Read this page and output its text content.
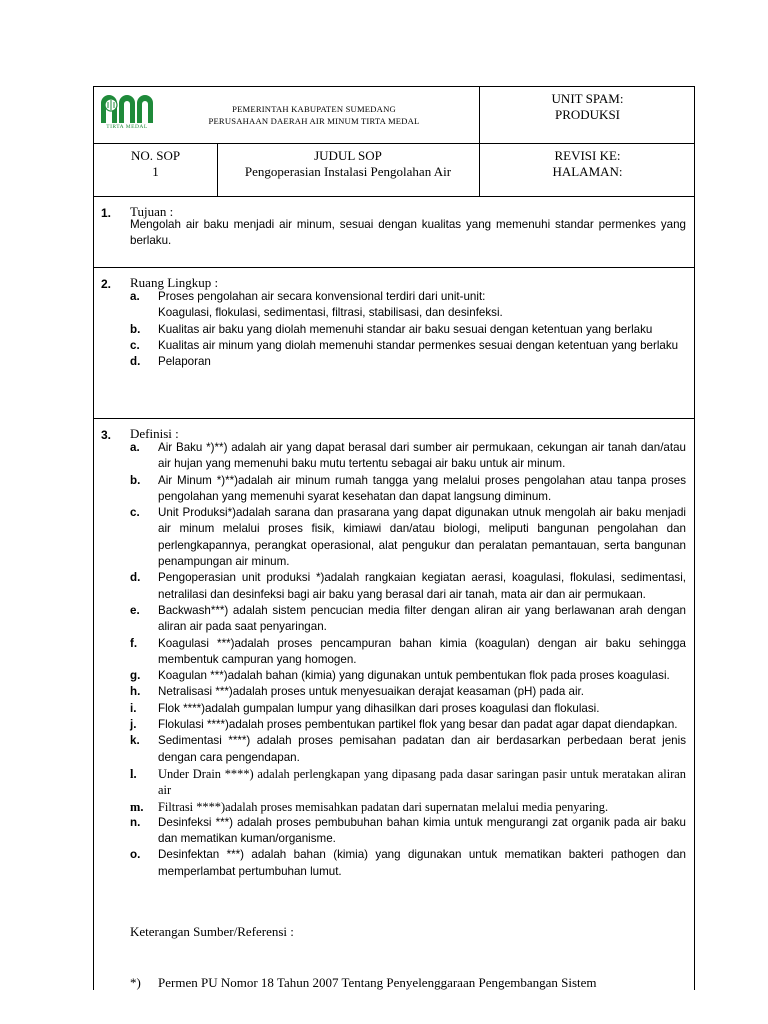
TIRTA MEDAL
PEMERINTAH KABUPATEN SUMEDANG
PERUSAHAAN DAERAH AIR MINUM TIRTA MEDAL
UNIT SPAM:
PRODUKSI
NO. SOP
1
JUDUL SOP
Pengoperasian Instalasi Pengolahan Air
REVISI KE:
HALAMAN:
1. Tujuan :
Mengolah air baku menjadi air minum, sesuai dengan kualitas yang memenuhi standar permenkes yang berlaku.
2. Ruang Lingkup :
a. Proses pengolahan air secara konvensional terdiri dari unit-unit:
Koagulasi, flokulasi, sedimentasi, filtrasi, stabilisasi, dan desinfeksi.
b. Kualitas air baku yang diolah memenuhi standar air baku sesuai dengan ketentuan yang berlaku
c. Kualitas air minum yang diolah memenuhi standar permenkes sesuai dengan ketentuan yang berlaku
d. Pelaporan
3. Definisi :
a. Air Baku *)**) adalah air yang dapat berasal dari sumber air permukaan, cekungan air tanah dan/atau air hujan yang memenuhi baku mutu tertentu sebagai air baku untuk air minum.
b. Air Minum *)**)adalah air minum rumah tangga yang melalui proses pengolahan atau tanpa proses pengolahan yang memenuhi syarat kesehatan dan dapat langsung diminum.
c. Unit Produksi*)adalah sarana dan prasarana yang dapat digunakan utnuk mengolah air baku menjadi air minum melalui proses fisik, kimiawi dan/atau biologi, meliputi bangunan pengolahan dan perlengkapannya, perangkat operasional, alat pengukur dan peralatan pemantauan, serta bangunan penampungan air minum.
d. Pengoperasian unit produksi *)adalah rangkaian kegiatan aerasi, koagulasi, flokulasi, sedimentasi, netralilasi dan desinfeksi bagi air baku yang berasal dari air tanah, mata air dan air permukaan.
e. Backwash***) adalah sistem pencucian media filter dengan aliran air yang berlawanan arah dengan aliran air pada saat penyaringan.
f. Koagulasi ***)adalah proses pencampuran bahan kimia (koagulan) dengan air baku sehingga membentuk campuran yang homogen.
g. Koagulan ***)adalah bahan (kimia) yang digunakan untuk pembentukan flok pada proses koagulasi.
h. Netralisasi ***)adalah proses untuk menyesuaikan derajat keasaman (pH) pada air.
i. Flok ****)adalah gumpalan lumpur yang dihasilkan dari proses koagulasi dan flokulasi.
j. Flokulasi ****)adalah proses pembentukan partikel flok yang besar dan padat agar dapat diendapkan.
k. Sedimentasi ****) adalah proses pemisahan padatan dan air berdasarkan perbedaan berat jenis dengan cara pengendapan.
l. Under Drain ****) adalah perlengkapan yang dipasang pada dasar saringan pasir untuk meratakan aliran air
m. Filtrasi ****)adalah proses memisahkan padatan dari supernatan melalui media penyaring.
n. Desinfeksi ***) adalah proses pembubuhan bahan kimia untuk mengurangi zat organik pada air baku dan mematikan kuman/organisme.
o. Desinfektan ***) adalah bahan (kimia) yang digunakan untuk mematikan bakteri pathogen dan memperlambat pertumbuhan lumut.
Keterangan Sumber/Referensi :
*) Permen PU Nomor 18 Tahun 2007 Tentang Penyelenggaraan Pengembangan Sistem
